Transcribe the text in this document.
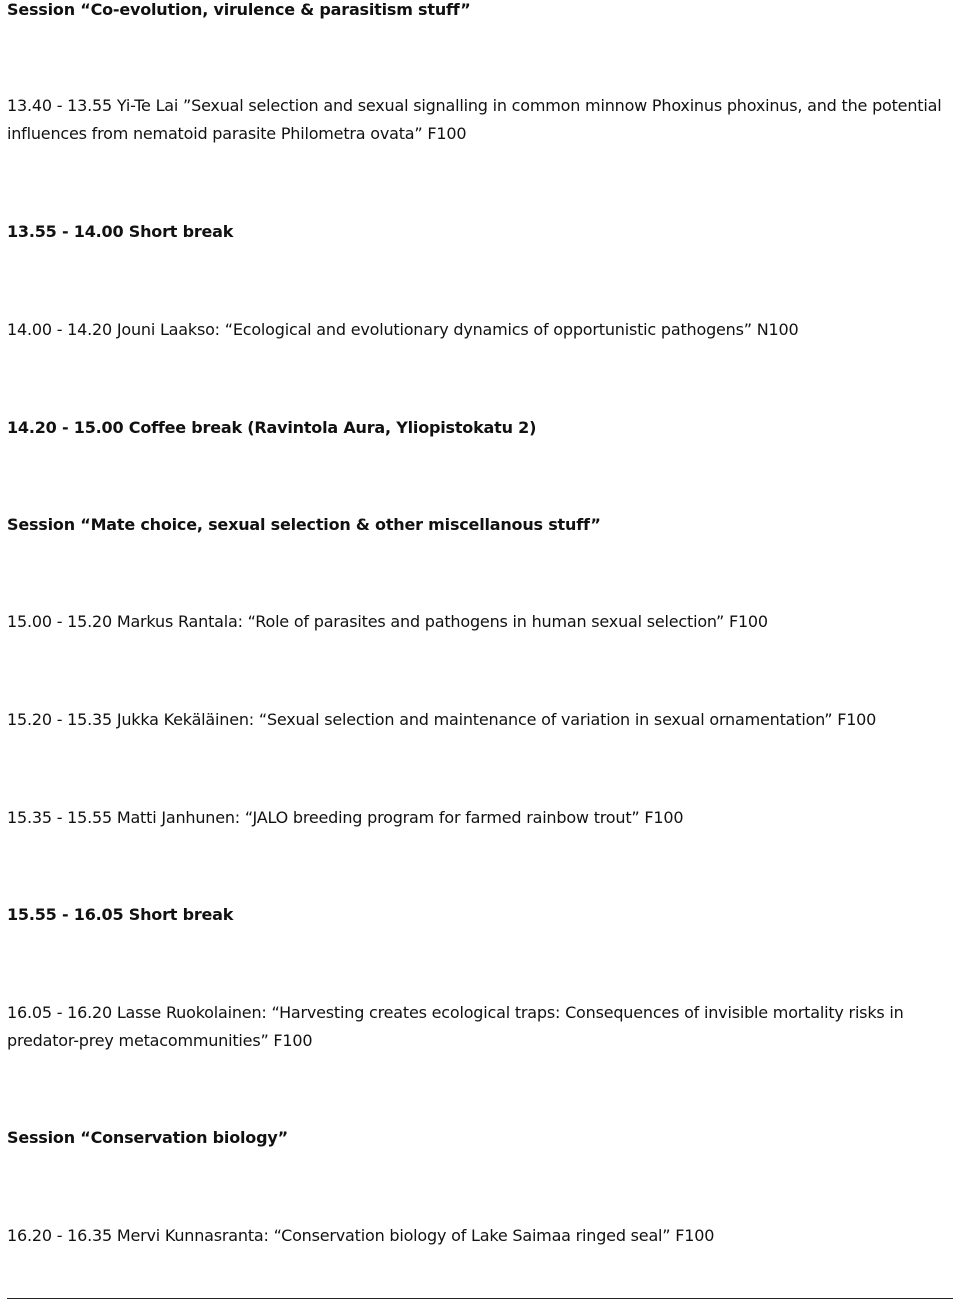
Session “Co-evolution, virulence & parasitism stuff”
13.40 - 13.55 Yi-Te Lai ”Sexual selection and sexual signalling in common minnow Phoxinus phoxinus, and the potential influences from nematoid parasite Philometra ovata” F100
13.55 - 14.00 Short break
14.00 - 14.20 Jouni Laakso: “Ecological and evolutionary dynamics of opportunistic pathogens” N100
14.20 - 15.00 Coffee break (Ravintola Aura, Yliopistokatu 2)
Session “Mate choice, sexual selection & other miscellanous stuff”
15.00 - 15.20 Markus Rantala: “Role of parasites and pathogens in human sexual selection” F100
15.20 - 15.35 Jukka Kekäläinen: “Sexual selection and maintenance of variation in sexual ornamentation” F100
15.35 - 15.55 Matti Janhunen: “JALO breeding program for farmed rainbow trout” F100
15.55 - 16.05 Short break
16.05 - 16.20 Lasse Ruokolainen: “Harvesting creates ecological traps: Consequences of invisible mortality risks in predator-prey metacommunities” F100
Session “Conservation biology”
16.20 - 16.35 Mervi Kunnasranta: “Conservation biology of Lake Saimaa ringed seal” F100
